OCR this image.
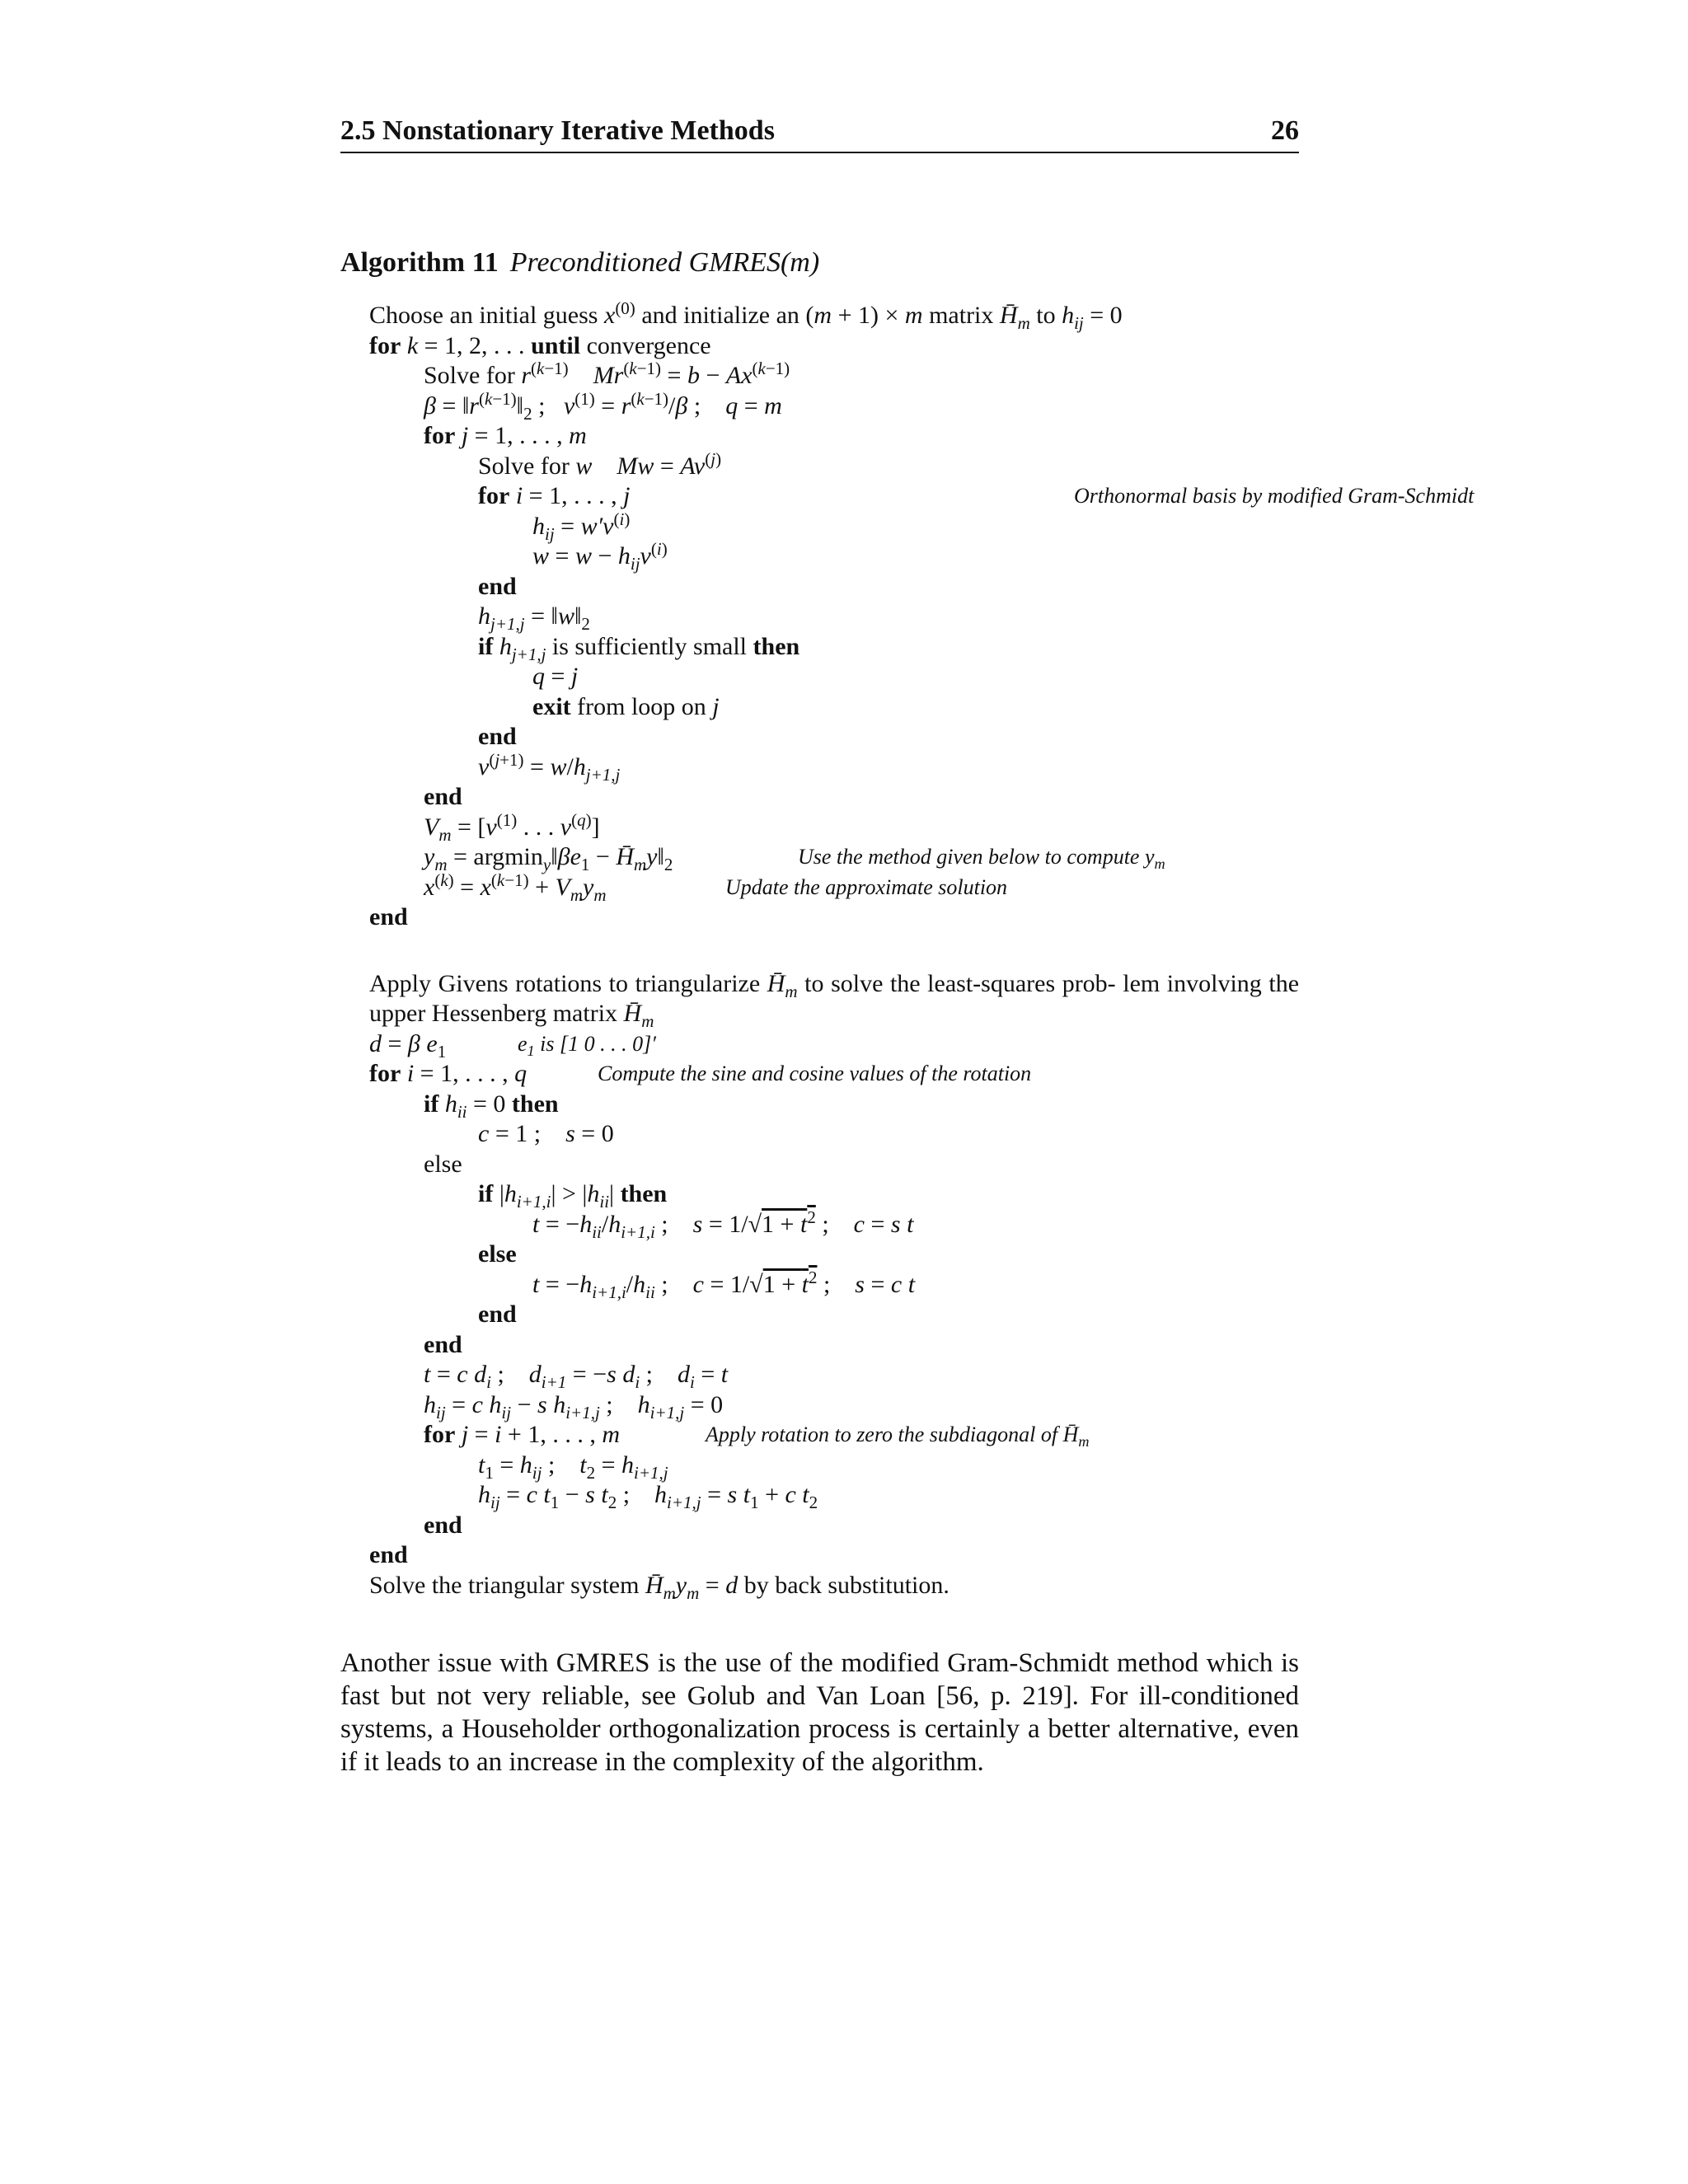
2.5 Nonstationary Iterative Methods	26
Algorithm 11 Preconditioned GMRES(m)
Choose an initial guess $x^{(0)}$ and initialize an (m + 1) × m matrix $H̄_m$ to $h_{ij} = 0$
for k = 1, 2, . . . until convergence
Solve for $r^{(k-1)}$ $Mr^{(k-1)} = b - Ax^{(k-1)}$
$\beta = ‖r^{(k-1)}‖_2$ ;   $v^{(1)} = r^{(k-1)}/\beta$ ;    q = m
for j = 1, . . . , m
Solve for w $Mw = Av^{(j)}$
for i = 1, . . . , j	Orthonormal basis by modified Gram-Schmidt
$h_{ij} = w'v^{(i)}$
$w = w - h_{ij}v^{(i)}$
end
$h_{j+1,j}$ = $‖w‖_2$
if $h_{j+1,j}$ is sufficiently small then
q = j
exit from loop on j
end
$v^{(j+1)} = w/h_{j+1,j}$
end
$V_m = [v^{(1)}$ . . . $v^{(q)}$]
$y_m$ = $argmin_y‖\beta e_1$ − $H̄_my‖_2$	Use the method given below to compute $y_m$
$x^{(k)} = x^{(k-1)} + V_my_m$	Update the approximate solution
end
Apply Givens rotations to triangularize $H̄_m$ to solve the least-squares prob- lem involving the upper Hessenberg matrix $H̄_m$
d = β $e_1$	$e_1$ is [1 0 . . . 0]′
for i = 1, . . . , q	Compute the sine and cosine values of the rotation
if $h_{ii} = 0$ then
c = 1 ;    s = 0
else
if $|h_{i+1,i}| > |h_{ii}|$ then
$t = -h_{ii}/h_{i+1,i}$ ;    $s = 1/√1 + t^2$ ;    c = s t
else
$t = -h_{i+1,i}/h_{ii}$ ;    $c = 1/√1 + t^2$ ;    s = c t
end
end
t = c $d_i$ ;    $d_{i+1} = -s$ $d_i$ ;    $d_i = t$
$h_{ij} = c$ $h_{ij} - s$ $h_{i+1,j}$ ;    $h_{i+1,j} = 0$
for j = i + 1, . . . , m	Apply rotation to zero the subdiagonal of $H̄_m$
$t_1 = h_{ij}$ ;    $t_2 = h_{i+1,j}$
$h_{ij} = c$ $t_1 - s$ $t_2$ ;    $h_{i+1,j} = s$ $t_1 + c$ $t_2$
end
end
Solve the triangular system $H̄_my_m = d$ by back substitution.
Another issue with GMRES is the use of the modified Gram-Schmidt method which is fast but not very reliable, see Golub and Van Loan [56, p. 219]. For ill-conditioned systems, a Householder orthogonalization process is certainly a better alternative, even if it leads to an increase in the complexity of the algorithm.
